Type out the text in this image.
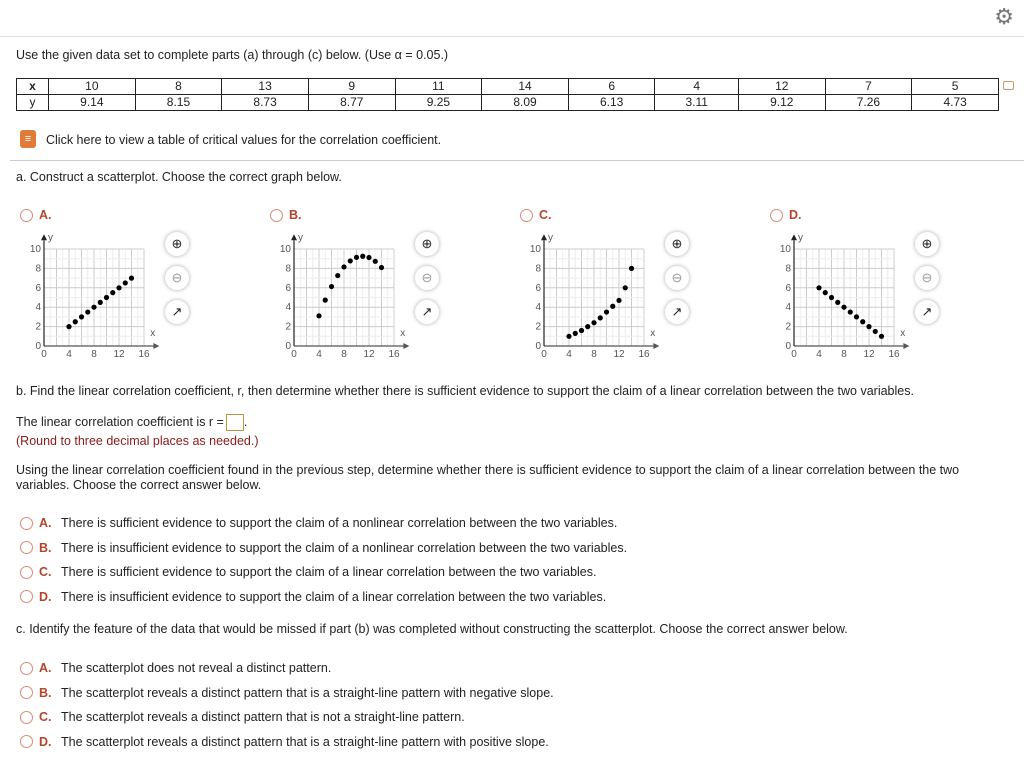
⚙
Use the given data set to complete parts (a) through (c) below. (Use α = 0.05.)
x	10	8	13	9	11	14	6	4	12	7	5
y	9.14	8.15	8.73	8.77	9.25	8.09	6.13	3.11	9.12	7.26	4.73
≡	Click here to view a table of critical values for the correlation coefficient.
a. Construct a scatterplot. Choose the correct graph below.
A.
⊕
⊖
↗
0 4 8 12 16
0
2
4
6
8
10
x
y
B.
⊕
⊖
↗
0 4 8 12 16
0
2
4
6
8
10
x
y
C.
⊕
⊖
↗
0 4 8 12 16
0
2
4
6
8
10
x
y
D.
⊕
⊖
↗
0 4 8 12 16
0
2
4
6
8
10
x
y
b. Find the linear correlation coefficient, r, then determine whether there is sufficient evidence to support the claim of a linear correlation between the two variables.
The linear correlation coefficient is r = .
(Round to three decimal places as needed.)
Using the linear correlation coefficient found in the previous step, determine whether there is sufficient evidence to support the claim of a linear correlation between the two variables. Choose the correct answer below.
A. There is sufficient evidence to support the claim of a nonlinear correlation between the two variables.
B. There is insufficient evidence to support the claim of a nonlinear correlation between the two variables.
C. There is sufficient evidence to support the claim of a linear correlation between the two variables.
D. There is insufficient evidence to support the claim of a linear correlation between the two variables.
c. Identify the feature of the data that would be missed if part (b) was completed without constructing the scatterplot. Choose the correct answer below.
A. The scatterplot does not reveal a distinct pattern.
B. The scatterplot reveals a distinct pattern that is a straight-line pattern with negative slope.
C. The scatterplot reveals a distinct pattern that is not a straight-line pattern.
D. The scatterplot reveals a distinct pattern that is a straight-line pattern with positive slope.
